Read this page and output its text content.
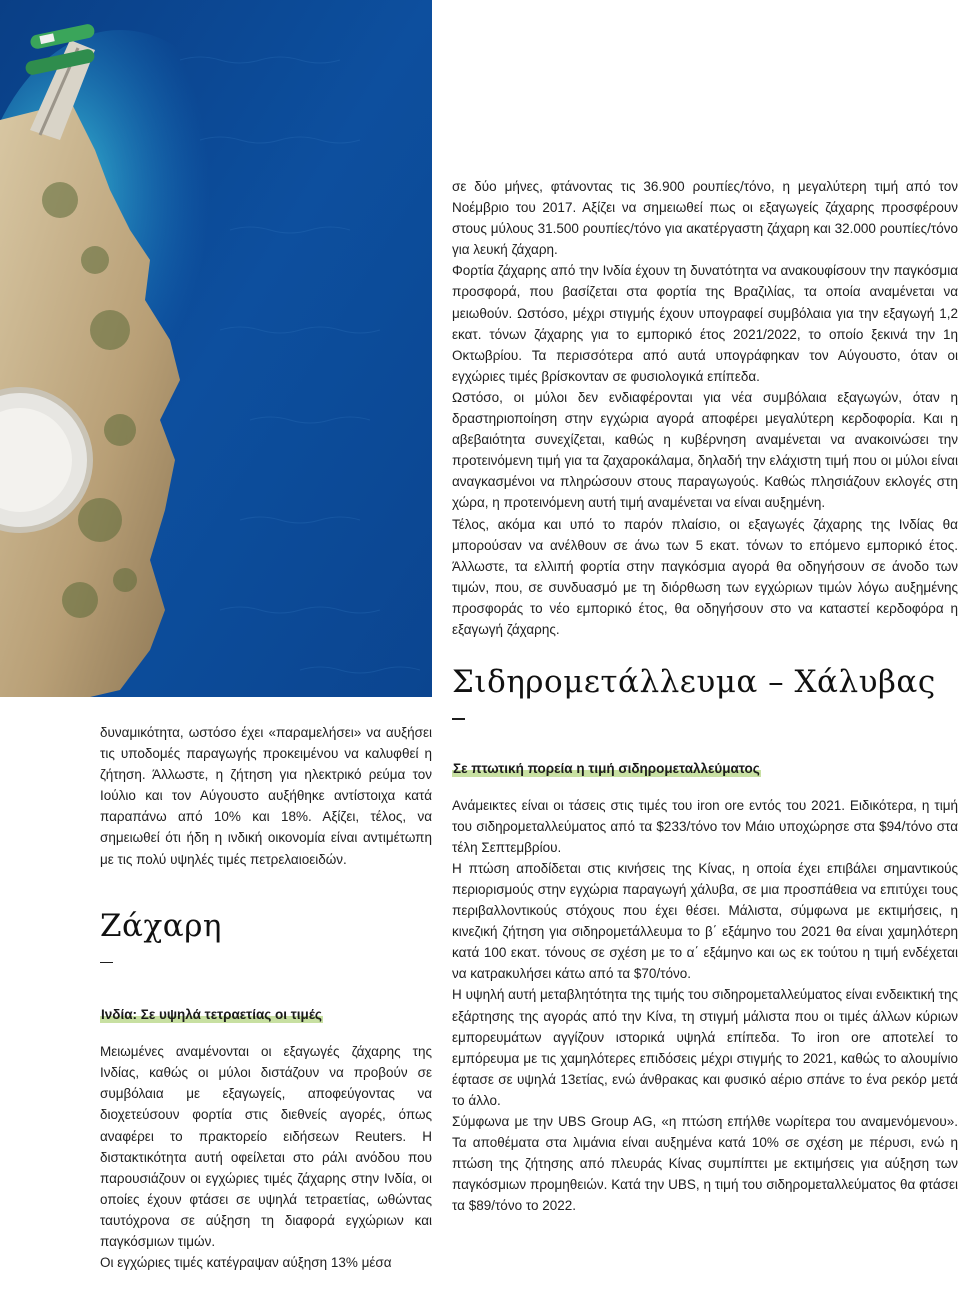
δυναμικότητα, ωστόσο έχει «παραμελήσει» να αυξήσει τις υποδομές παραγωγής προκειμένου να καλυφθεί η ζήτηση. Άλλωστε, η ζήτηση για ηλεκτρικό ρεύμα τον Ιούλιο και τον Αύγουστο αυξήθηκε αντίστοιχα κατά παραπάνω από 10% και 18%. Αξίζει, τέλος, να σημειωθεί ότι ήδη η ινδική οικονομία είναι αντιμέτωπη με τις πολύ υψηλές τιμές πετρελαιοειδών.

Ζάχαρη
Ινδία: Σε υψηλά τετραετίας οι τιμές

Μειωμένες αναμένονται οι εξαγωγές ζάχαρης της Ινδίας, καθώς οι μύλοι διστάζουν να προβούν σε συμβόλαια με εξαγωγείς, αποφεύγοντας να διοχετεύσουν φορτία στις διεθνείς αγορές, όπως αναφέρει το πρακτορείο ειδήσεων Reuters. Η διστακτικότητα αυτή οφείλεται στο ράλι ανόδου που παρουσιάζουν οι εγχώριες τιμές ζάχαρης στην Ινδία, οι οποίες έχουν φτάσει σε υψηλά τετραετίας, ωθώντας ταυτόχρονα σε αύξηση τη διαφορά εγχώριων και παγκόσμιων τιμών.

Οι εγχώριες τιμές κατέγραψαν αύξηση 13% μέσα

σε δύο μήνες, φτάνοντας τις 36.900 ρουπίες/τόνο, η μεγαλύτερη τιμή από τον Νοέμβριο του 2017. Αξίζει να σημειωθεί πως οι εξαγωγείς ζάχαρης προσφέρουν στους μύλους 31.500 ρουπίες/τόνο για ακατέργαστη ζάχαρη και 32.000 ρουπίες/τόνο για λευκή ζάχαρη.

Φορτία ζάχαρης από την Ινδία έχουν τη δυνατότητα να ανακουφίσουν την παγκόσμια προσφορά, που βασίζεται στα φορτία της Βραζιλίας, τα οποία αναμένεται να μειωθούν. Ωστόσο, μέχρι στιγμής έχουν υπογραφεί συμβόλαια για την εξαγωγή 1,2 εκατ. τόνων ζάχαρης για το εμπορικό έτος 2021/2022, το οποίο ξεκινά την 1η Οκτωβρίου. Τα περισσότερα από αυτά υπογράφηκαν τον Αύγουστο, όταν οι εγχώριες τιμές βρίσκονταν σε φυσιολογικά επίπεδα.

Ωστόσο, οι μύλοι δεν ενδιαφέρονται για νέα συμβόλαια εξαγωγών, όταν η δραστηριοποίηση στην εγχώρια αγορά αποφέρει μεγαλύτερη κερδοφορία. Και η αβεβαιότητα συνεχίζεται, καθώς η κυβέρνηση αναμένεται να ανακοινώσει την προτεινόμενη τιμή για τα ζαχαροκάλαμα, δηλαδή την ελάχιστη τιμή που οι μύλοι είναι αναγκασμένοι να πληρώσουν στους παραγωγούς. Καθώς πλησιάζουν εκλογές στη χώρα, η προτεινόμενη αυτή τιμή αναμένεται να είναι αυξημένη.

Τέλος, ακόμα και υπό το παρόν πλαίσιο, οι εξαγωγές ζάχαρης της Ινδίας θα μπορούσαν να ανέλθουν σε άνω των 5 εκατ. τόνων το επόμενο εμπορικό έτος. Άλλωστε, τα ελλιπή φορτία στην παγκόσμια αγορά θα οδηγήσουν σε άνοδο των τιμών, που, σε συνδυασμό με τη διόρθωση των εγχώριων τιμών λόγω αυξημένης προσφοράς το νέο εμπορικό έτος, θα οδηγήσουν στο να καταστεί κερδοφόρα η εξαγωγή ζάχαρης.

Σιδηρομετάλλευμα – Χάλυβας
Σε πτωτική πορεία η τιμή σιδηρομεταλλεύματος

Ανάμεικτες είναι οι τάσεις στις τιμές του iron ore εντός του 2021. Ειδικότερα, η τιμή του σιδηρομεταλλεύματος από τα $233/τόνο τον Μάιο υποχώρησε στα $94/τόνο στα τέλη Σεπτεμβρίου.

Η πτώση αποδίδεται στις κινήσεις της Κίνας, η οποία έχει επιβάλει σημαντικούς περιορισμούς στην εγχώρια παραγωγή χάλυβα, σε μια προσπάθεια να επιτύχει τους περιβαλλοντικούς στόχους που έχει θέσει. Μάλιστα, σύμφωνα με εκτιμήσεις, η κινεζική ζήτηση για σιδηρομετάλλευμα το β΄ εξάμηνο του 2021 θα είναι χαμηλότερη κατά 100 εκατ. τόνους σε σχέση με το α΄ εξάμηνο και ως εκ τούτου η τιμή ενδέχεται να κατρακυλήσει κάτω από τα $70/τόνο.

Η υψηλή αυτή μεταβλητότητα της τιμής του σιδηρομεταλλεύματος είναι ενδεικτική της εξάρτησης της αγοράς από την Κίνα, τη στιγμή μάλιστα που οι τιμές άλλων κύριων εμπορευμάτων αγγίζουν ιστορικά υψηλά επίπεδα. Το iron ore αποτελεί το εμπόρευμα με τις χαμηλότερες επιδόσεις μέχρι στιγμής το 2021, καθώς το αλουμίνιο έφτασε σε υψηλά 13ετίας, ενώ άνθρακας και φυσικό αέριο σπάνε το ένα ρεκόρ μετά το άλλο.

Σύμφωνα με την UBS Group AG, «η πτώση επήλθε νωρίτερα του αναμενόμενου». Τα αποθέματα στα λιμάνια είναι αυξημένα κατά 10% σε σχέση με πέρυσι, ενώ η πτώση της ζήτησης από πλευράς Κίνας συμπίπτει με εκτιμήσεις για αύξηση των παγκόσμιων προμηθειών. Κατά την UBS, η τιμή του σιδηρομεταλλεύματος θα φτάσει τα $89/τόνο το 2022.
